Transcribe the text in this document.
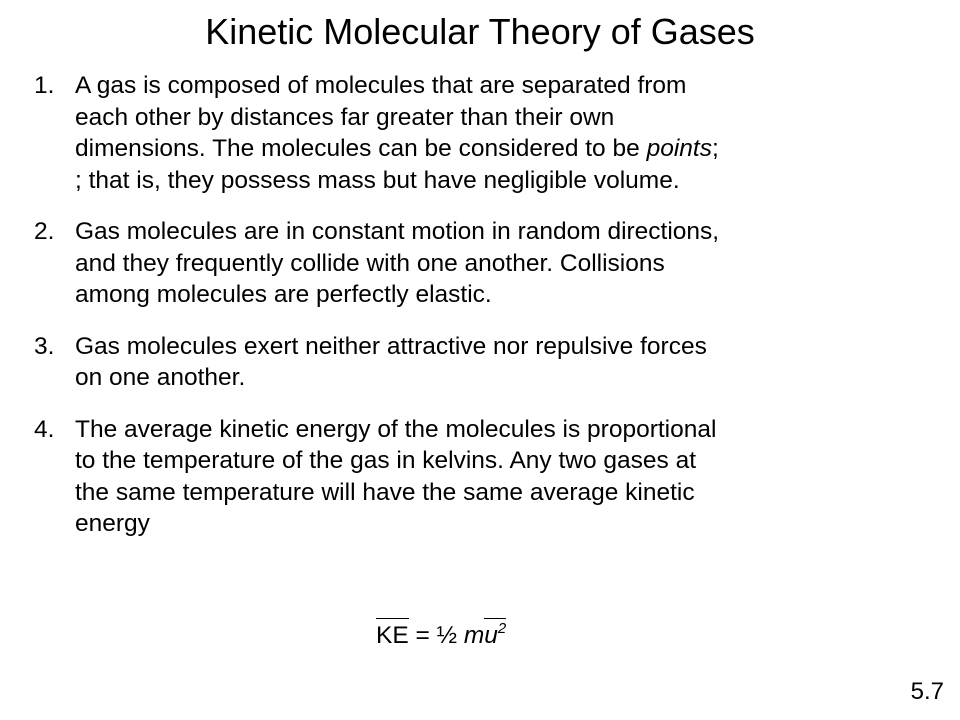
Kinetic Molecular Theory of Gases
1. A gas is composed of molecules that are separated from
each other by distances far greater than their own
dimensions. The molecules can be considered to be points;
; that is, they possess mass but have negligible volume.
2. Gas molecules are in constant motion in random directions,
and they frequently collide with one another. Collisions
among molecules are perfectly elastic.
3. Gas molecules exert neither attractive nor repulsive forces
on one another.
4. The average kinetic energy of the molecules is proportional
to the temperature of the gas in kelvins. Any two gases at
the same temperature will have the same average kinetic
energy
KE = ½ $mu^2$
5.7
